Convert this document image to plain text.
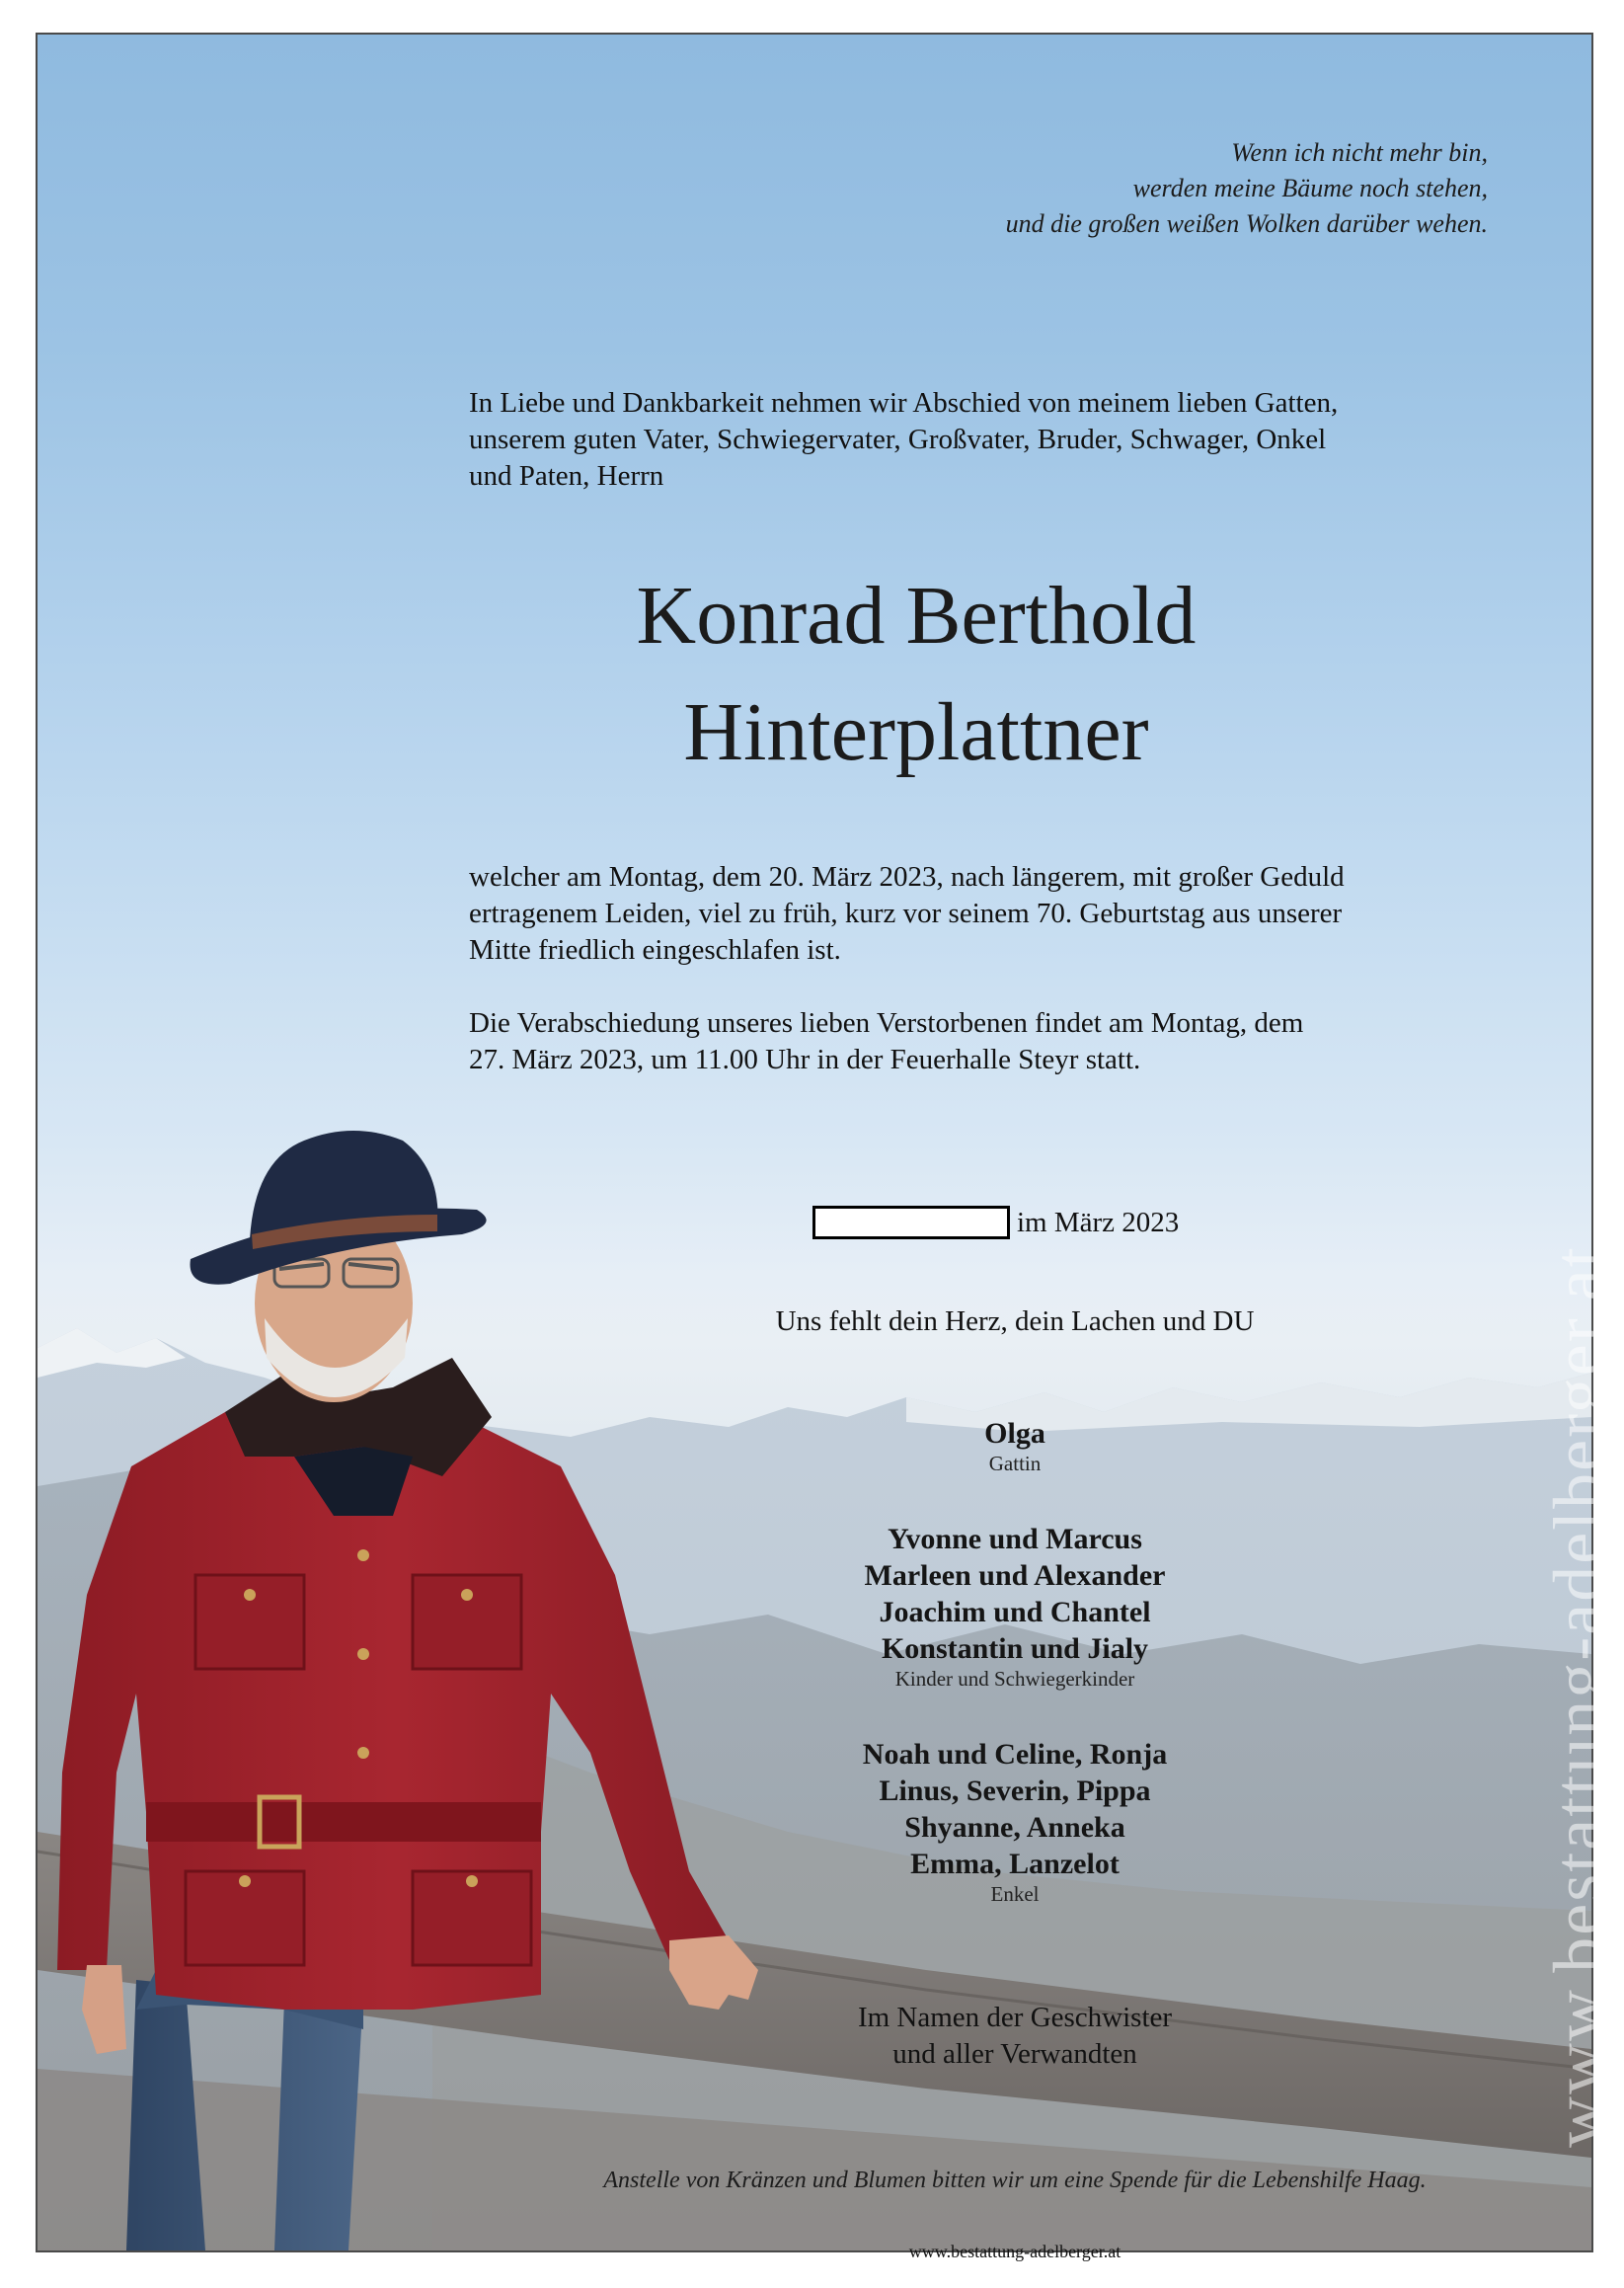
Wenn ich nicht mehr bin,
werden meine Bäume noch stehen,
und die großen weißen Wolken darüber wehen.
In Liebe und Dankbarkeit nehmen wir Abschied von meinem lieben Gatten,
unserem guten Vater, Schwiegervater, Großvater, Bruder, Schwager, Onkel
und Paten, Herrn
Konrad Berthold
Hinterplattner
welcher am Montag, dem 20. März 2023, nach längerem, mit großer Geduld
ertragenem Leiden, viel zu früh, kurz vor seinem 70. Geburtstag aus unserer
Mitte friedlich eingeschlafen ist.
Die Verabschiedung unseres lieben Verstorbenen findet am Montag, dem
27. März 2023, um 11.00 Uhr in der Feuerhalle Steyr statt.
im März 2023
Uns fehlt dein Herz, dein Lachen und DU
Olga
Gattin
Yvonne und Marcus
Marleen und Alexander
Joachim und Chantel
Konstantin und Jialy
Kinder und Schwiegerkinder
Noah und Celine, Ronja
Linus, Severin, Pippa
Shyanne, Anneka
Emma, Lanzelot
Enkel
Im Namen der Geschwister
und aller Verwandten
Anstelle von Kränzen und Blumen bitten wir um eine Spende für die Lebenshilfe Haag.
www.bestattung-adelberger.at
www.bestattung-adelberger.at
